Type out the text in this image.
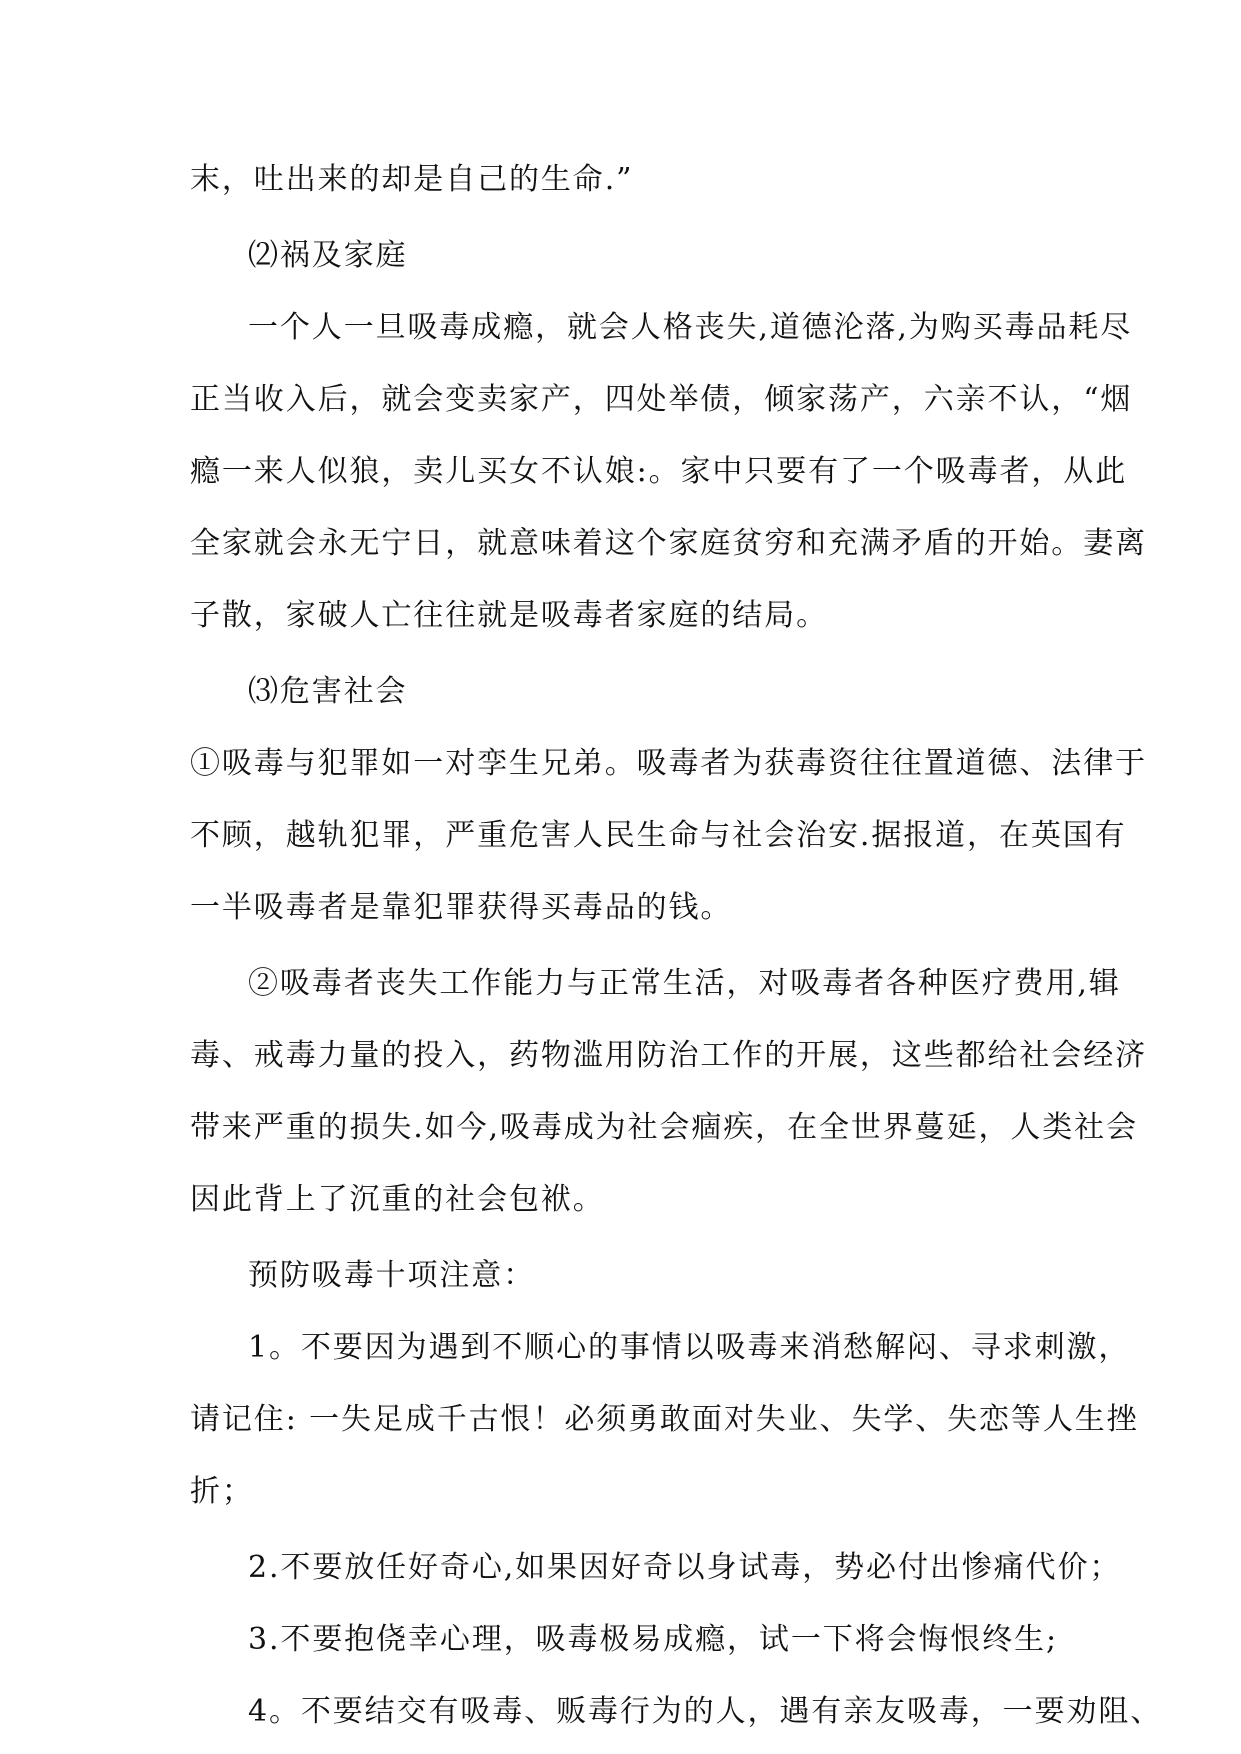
末，吐出来的却是自己的生命.”
⑵祸及家庭
一个人一旦吸毒成瘾，就会人格丧失,道德沦落,为购买毒品耗尽
正当收入后，就会变卖家产，四处举债，倾家荡产，六亲不认，“烟
瘾一来人似狼，卖儿买女不认娘:。家中只要有了一个吸毒者，从此
全家就会永无宁日，就意味着这个家庭贫穷和充满矛盾的开始。妻离
子散，家破人亡往往就是吸毒者家庭的结局。
⑶危害社会
①吸毒与犯罪如一对孪生兄弟。吸毒者为获毒资往往置道德、法律于
不顾，越轨犯罪，严重危害人民生命与社会治安.据报道，在英国有
一半吸毒者是靠犯罪获得买毒品的钱。
②吸毒者丧失工作能力与正常生活，对吸毒者各种医疗费用,辑
毒、戒毒力量的投入，药物滥用防治工作的开展，这些都给社会经济
带来严重的损失.如今,吸毒成为社会痼疾，在全世界蔓延，人类社会
因此背上了沉重的社会包袱。
预防吸毒十项注意：
1。不要因为遇到不顺心的事情以吸毒来消愁解闷、寻求刺激，
请记住: 一失足成千古恨！必须勇敢面对失业、失学、失恋等人生挫
折；
2.不要放任好奇心,如果因好奇以身试毒，势必付出惨痛代价；
3.不要抱侥幸心理，吸毒极易成瘾，试一下将会悔恨终生;
4。不要结交有吸毒、贩毒行为的人，遇有亲友吸毒，一要劝阻、
